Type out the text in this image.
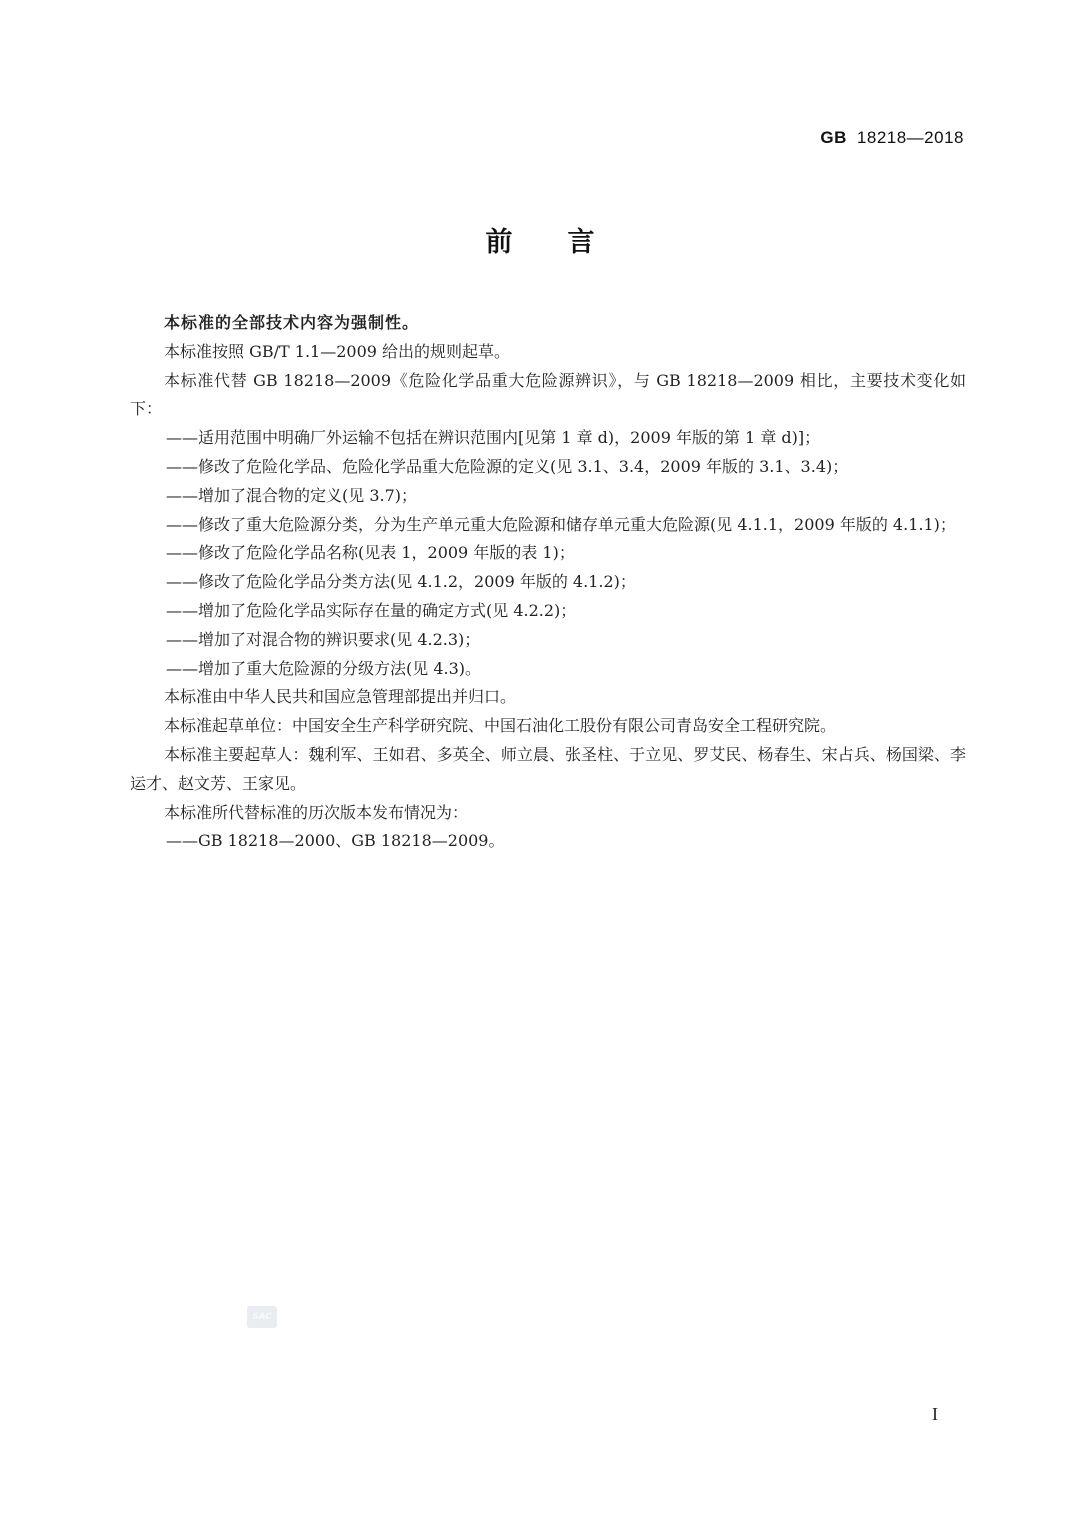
GB 18218—2018
前言

本标准的全部技术内容为强制性。

本标准按照 GB/T 1.1—2009 给出的规则起草。

本标准代替 GB 18218—2009《危险化学品重大危险源辨识》，与 GB 18218—2009 相比，主要技术变化如下：

——适用范围中明确厂外运输不包括在辨识范围内[见第 1 章 d)，2009 年版的第 1 章 d)]；

——修改了危险化学品、危险化学品重大危险源的定义(见 3.1、3.4，2009 年版的 3.1、3.4)；

——增加了混合物的定义(见 3.7)；

——修改了重大危险源分类，分为生产单元重大危险源和储存单元重大危险源(见 4.1.1，2009 年版的 4.1.1)；

——修改了危险化学品名称(见表 1，2009 年版的表 1)；

——修改了危险化学品分类方法(见 4.1.2，2009 年版的 4.1.2)；

——增加了危险化学品实际存在量的确定方式(见 4.2.2)；

——增加了对混合物的辨识要求(见 4.2.3)；

——增加了重大危险源的分级方法(见 4.3)。

本标准由中华人民共和国应急管理部提出并归口。

本标准起草单位：中国安全生产科学研究院、中国石油化工股份有限公司青岛安全工程研究院。

本标准主要起草人：魏利军、王如君、多英全、师立晨、张圣柱、于立见、罗艾民、杨春生、宋占兵、杨国梁、李运才、赵文芳、王家见。

本标准所代替标准的历次版本发布情况为：

——GB 18218—2000、GB 18218—2009。

SAC
I
